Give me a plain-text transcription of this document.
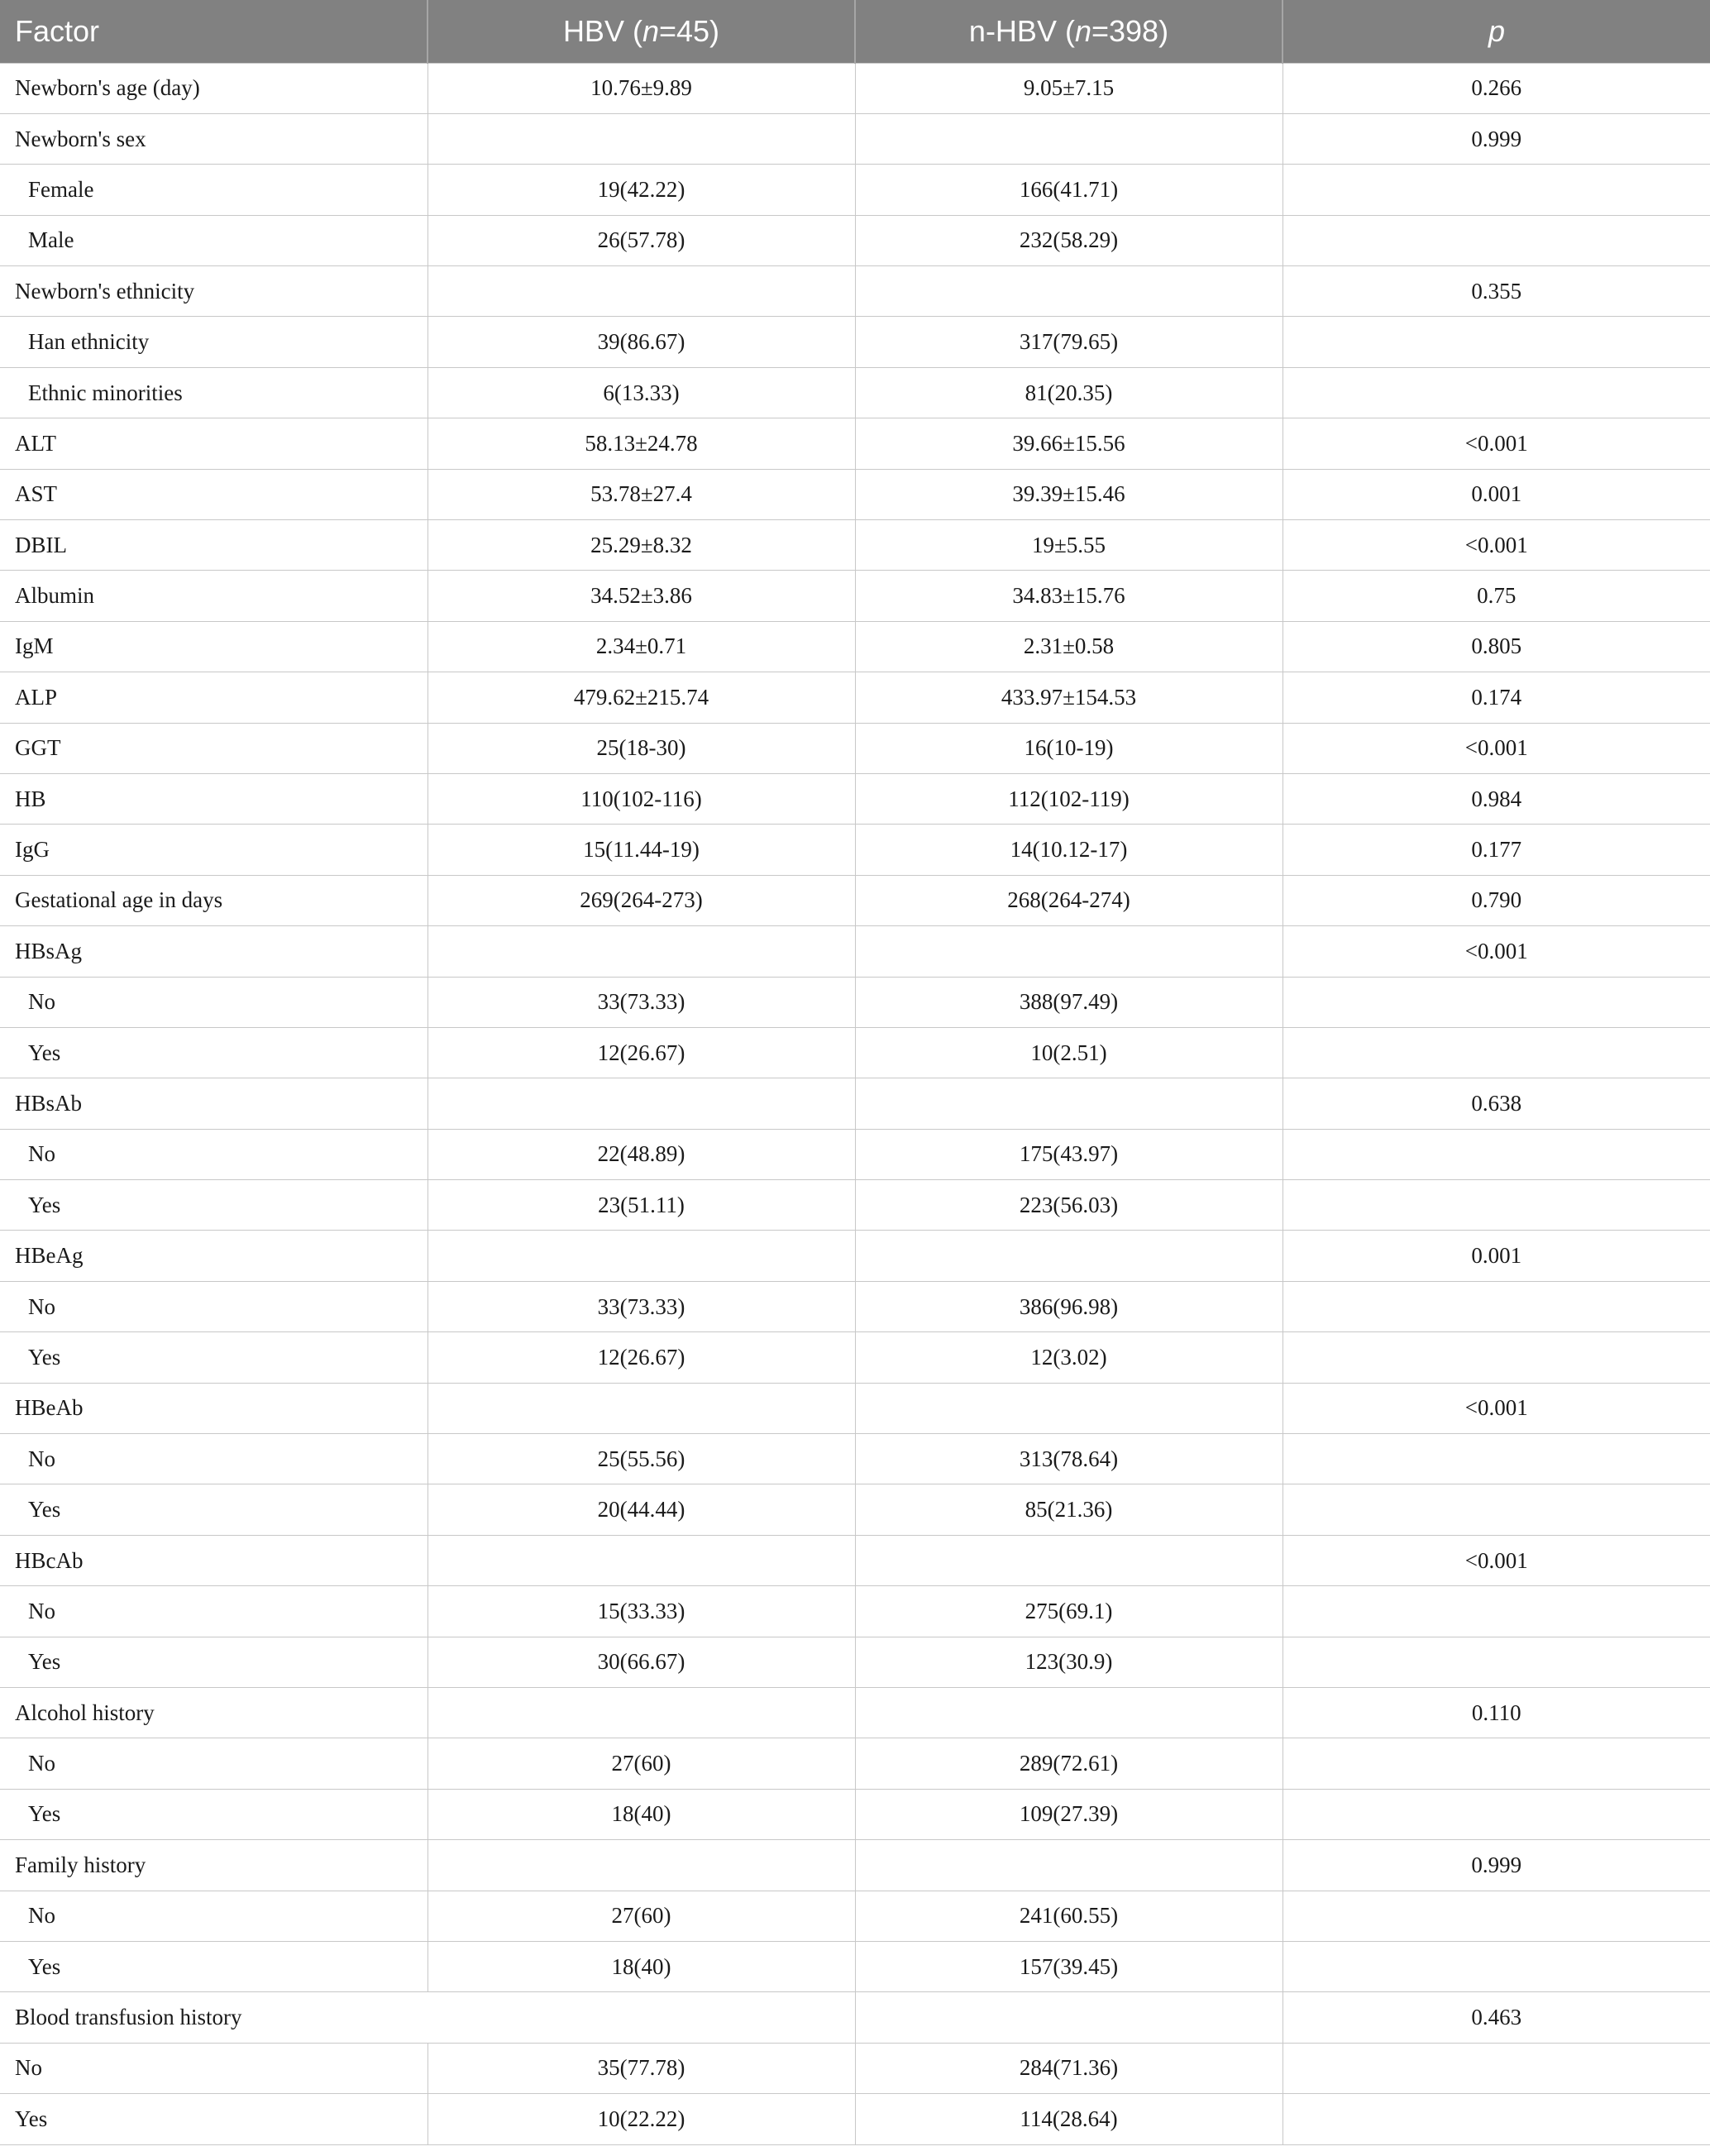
Factor	HBV (n=45)	n-HBV (n=398)	p
Newborn's age (day)	10.76±9.89	9.05±7.15	0.266
Newborn's sex			0.999
Female	19(42.22)	166(41.71)	
Male	26(57.78)	232(58.29)	
Newborn's ethnicity			0.355
Han ethnicity	39(86.67)	317(79.65)	
Ethnic minorities	6(13.33)	81(20.35)	
ALT	58.13±24.78	39.66±15.56	<0.001
AST	53.78±27.4	39.39±15.46	0.001
DBIL	25.29±8.32	19±5.55	<0.001
Albumin	34.52±3.86	34.83±15.76	0.75
IgM	2.34±0.71	2.31±0.58	0.805
ALP	479.62±215.74	433.97±154.53	0.174
GGT	25(18-30)	16(10-19)	<0.001
HB	110(102-116)	112(102-119)	0.984
IgG	15(11.44-19)	14(10.12-17)	0.177
Gestational age in days	269(264-273)	268(264-274)	0.790
HBsAg			<0.001
No	33(73.33)	388(97.49)	
Yes	12(26.67)	10(2.51)	
HBsAb			0.638
No	22(48.89)	175(43.97)	
Yes	23(51.11)	223(56.03)	
HBeAg			0.001
No	33(73.33)	386(96.98)	
Yes	12(26.67)	12(3.02)	
HBeAb			<0.001
No	25(55.56)	313(78.64)	
Yes	20(44.44)	85(21.36)	
HBcAb			<0.001
No	15(33.33)	275(69.1)	
Yes	30(66.67)	123(30.9)	
Alcohol history			0.110
No	27(60)	289(72.61)	
Yes	18(40)	109(27.39)	
Family history			0.999
No	27(60)	241(60.55)	
Yes	18(40)	157(39.45)	
Blood transfusion history			0.463
No	35(77.78)	284(71.36)	
Yes	10(22.22)	114(28.64)	
